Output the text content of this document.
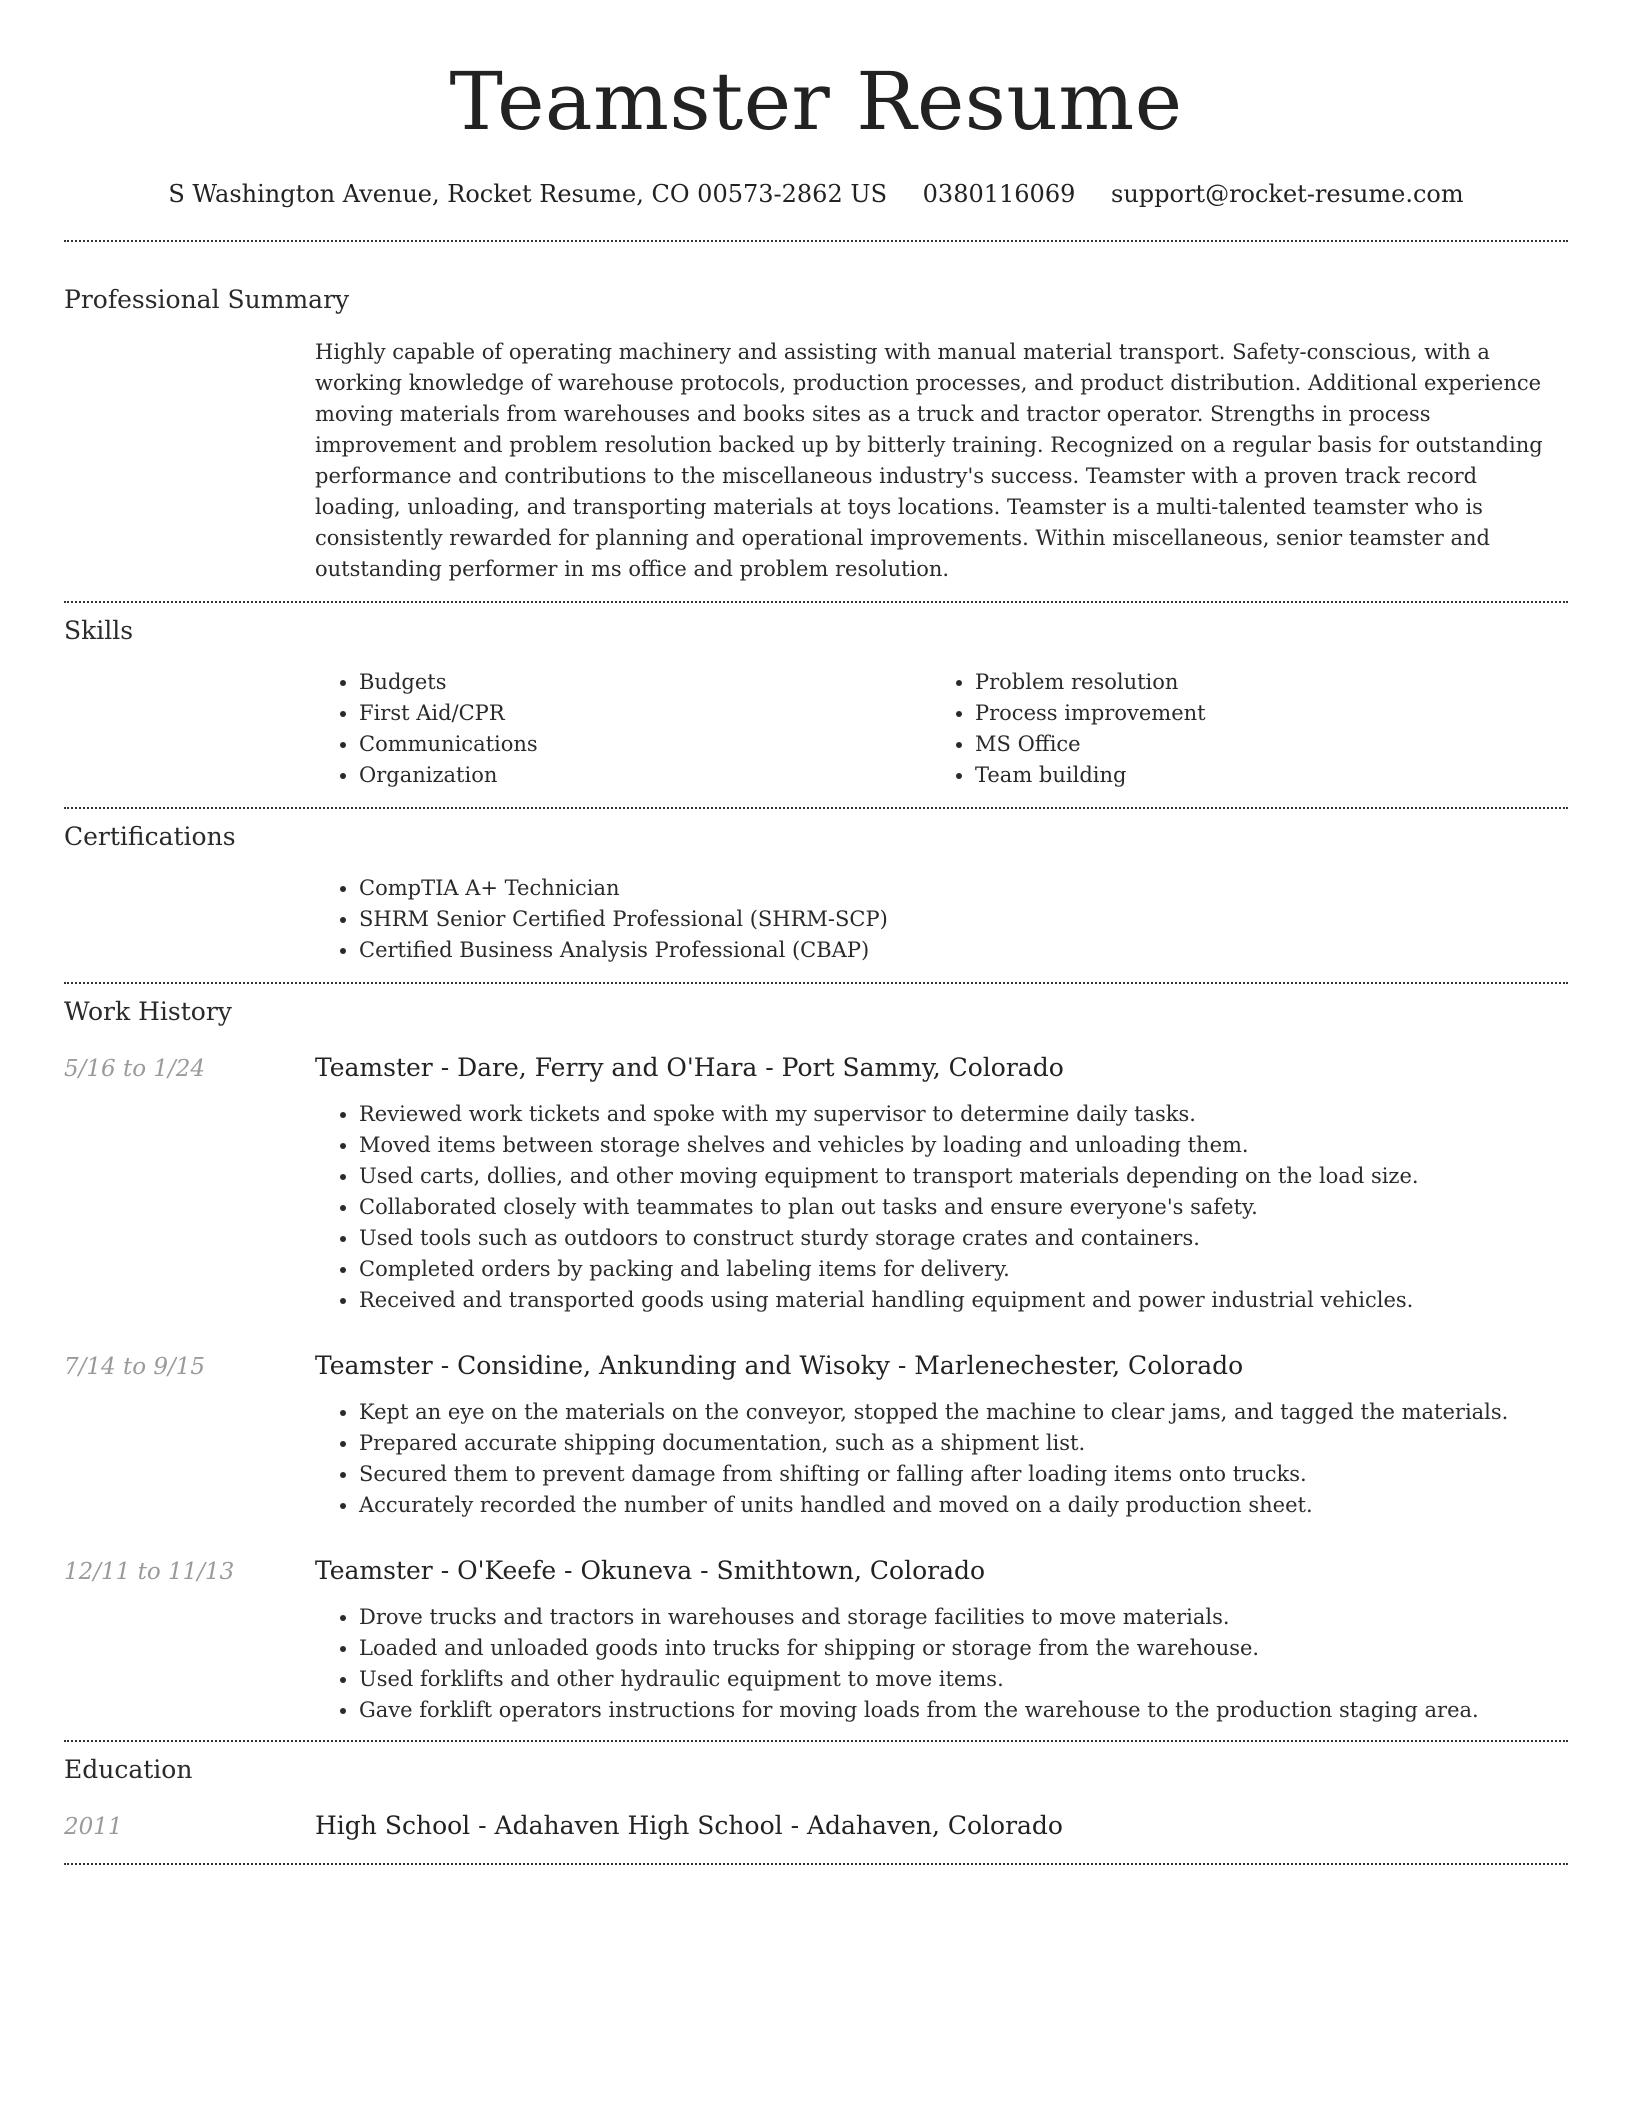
Teamster Resume
S Washington Avenue, Rocket Resume, CO 00573-2862 US 0380116069 support@rocket-resume.com
Professional Summary
Highly capable of operating machinery and assisting with manual material transport. Safety-conscious, with a working knowledge of warehouse protocols, production processes, and product distribution. Additional experience moving materials from warehouses and books sites as a truck and tractor operator. Strengths in process improvement and problem resolution backed up by bitterly training. Recognized on a regular basis for outstanding performance and contributions to the miscellaneous industry's success. Teamster with a proven track record loading, unloading, and transporting materials at toys locations. Teamster is a multi-talented teamster who is consistently rewarded for planning and operational improvements. Within miscellaneous, senior teamster and outstanding performer in ms office and problem resolution.
Skills
• Budgets
• First Aid/CPR
• Communications
• Organization
• Problem resolution
• Process improvement
• MS Office
• Team building
Certifications
• CompTIA A+ Technician
• SHRM Senior Certified Professional (SHRM-SCP)
• Certified Business Analysis Professional (CBAP)
Work History
5/16 to 1/24	Teamster - Dare, Ferry and O'Hara - Port Sammy, Colorado
• Reviewed work tickets and spoke with my supervisor to determine daily tasks.
• Moved items between storage shelves and vehicles by loading and unloading them.
• Used carts, dollies, and other moving equipment to transport materials depending on the load size.
• Collaborated closely with teammates to plan out tasks and ensure everyone's safety.
• Used tools such as outdoors to construct sturdy storage crates and containers.
• Completed orders by packing and labeling items for delivery.
• Received and transported goods using material handling equipment and power industrial vehicles.
7/14 to 9/15	Teamster - Considine, Ankunding and Wisoky - Marlenechester, Colorado
• Kept an eye on the materials on the conveyor, stopped the machine to clear jams, and tagged the materials.
• Prepared accurate shipping documentation, such as a shipment list.
• Secured them to prevent damage from shifting or falling after loading items onto trucks.
• Accurately recorded the number of units handled and moved on a daily production sheet.
12/11 to 11/13	Teamster - O'Keefe - Okuneva - Smithtown, Colorado
• Drove trucks and tractors in warehouses and storage facilities to move materials.
• Loaded and unloaded goods into trucks for shipping or storage from the warehouse.
• Used forklifts and other hydraulic equipment to move items.
• Gave forklift operators instructions for moving loads from the warehouse to the production staging area.
Education
2011	High School - Adahaven High School - Adahaven, Colorado
